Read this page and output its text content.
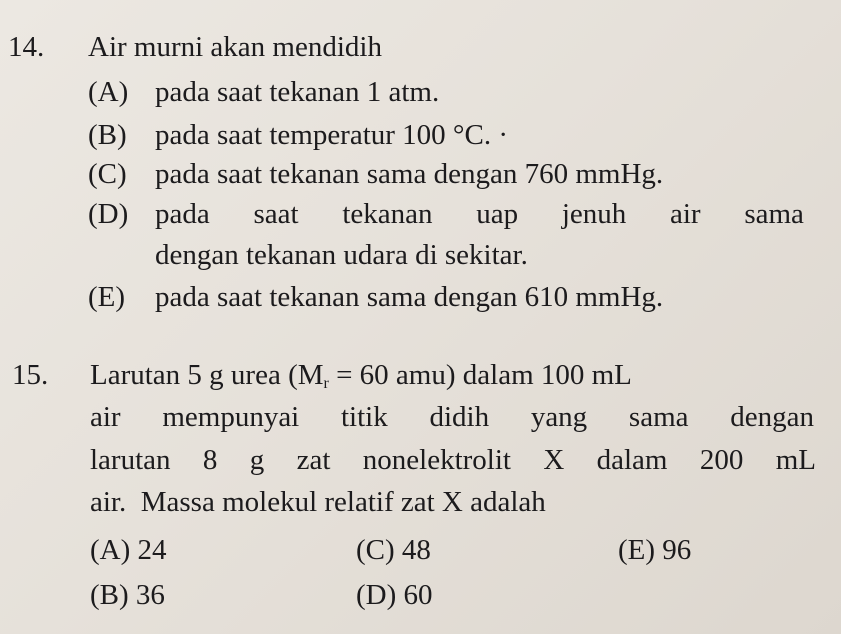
14. Air murni akan mendidih
(A) pada saat tekanan 1 atm.
(B) pada saat temperatur 100 °C. ·
(C) pada saat tekanan sama dengan 760 mmHg.
(D) pada saat tekanan uap jenuh air sama
dengan tekanan udara di sekitar.
(E) pada saat tekanan sama dengan 610 mmHg.
15. Larutan 5 g urea ($M_r = 60$ amu) dalam 100 mL
air mempunyai titik didih yang sama dengan
larutan 8 g zat nonelektrolit X dalam 200 mL
air.  Massa molekul relatif zat X adalah
(A) 24
(B) 36
(C) 48
(D) 60
(E) 96
